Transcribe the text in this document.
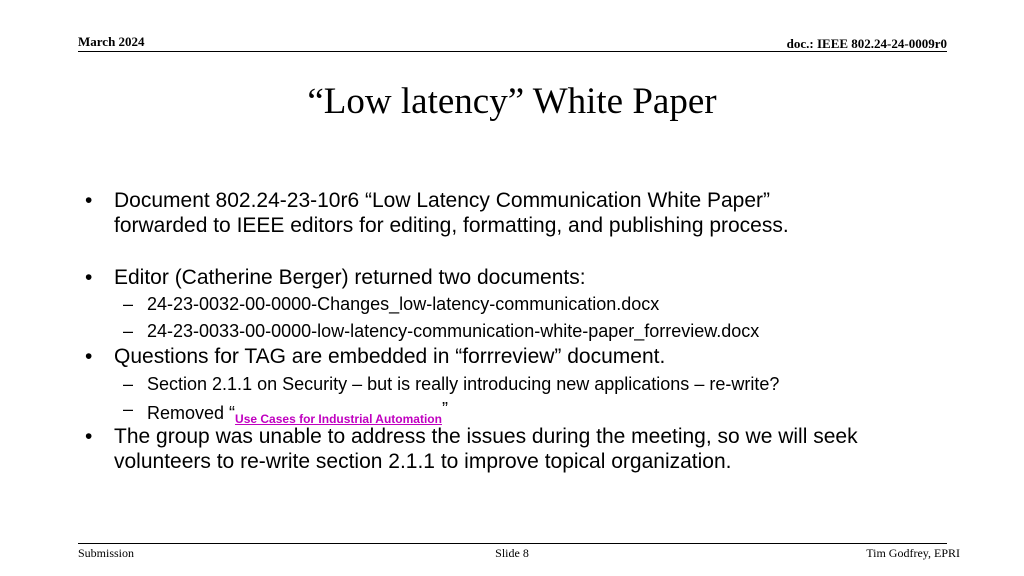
March 2024	doc.: IEEE 802.24-24-0009r0
“Low latency” White Paper
• Document 802.24-23-10r6 “Low Latency Communication White Paper”
forwarded to IEEE editors for editing, formatting, and publishing process.
• Editor (Catherine Berger) returned two documents:
– 24-23-0032-00-0000-Changes_low-latency-communication.docx
– 24-23-0033-00-0000-low-latency-communication-white-paper_forreview.docx
• Questions for TAG are embedded in “forrreview” document.
– Section 2.1.1 on Security – but is really introducing new applications – re-write?
– Removed “$_{Use Cases for Industrial Automation}$”
• The group was unable to address the issues during the meeting, so we will seek
volunteers to re-write section 2.1.1 to improve topical organization.
Submission	Slide 8	Tim Godfrey, EPRI
